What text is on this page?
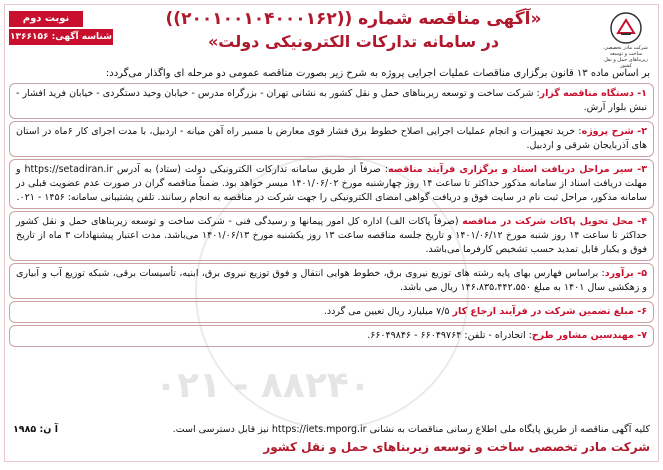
۰۲۱ - ۸۸۲۴۰
شرکت مادر تخصصی ساخت و توسعه زیربناهای حمل و نقل کشور
«آگهی مناقصه شماره ((۲۰۰۱۰۰۱۰۴۰۰۰۱۶۲))
در سامانه تدارکات الکترونیکی دولت»
نوبت دوم
شناسه آگهی: ۱۳۶۶۱۵۶
بر اساس ماده ۱۳ قانون برگزاری مناقصات عملیات اجرایی پروژه به شرح زیر بصورت مناقصه عمومی دو مرحله ای واگذار می‌گردد:
۱- دستگاه مناقصه گزار: شرکت ساخت و توسعه زیربناهای حمل و نقل کشور به نشانی تهران - بزرگراه مدرس - خیابان وحید دستگردی - خیابان فرید افشار - نبش بلوار آرش.
۲- شرح پروژه: خرید تجهیزات و انجام عملیات اجرایی اصلاح خطوط برق فشار قوی معارض با مسیر راه آهن میانه - اردبیل، با مدت اجرای کار ۶ماه در استان های آذربایجان شرقی و اردبیل.
۳- سیر مراحل دریافت اسناد و برگزاری فرآیند مناقصه: صرفاً از طریق سامانه تدارکات الکترونیکی دولت (ستاد) به آدرس https://setadiran.ir و مهلت دریافت اسناد از سامانه مذکور حداکثر تا ساعت ۱۴ روز چهارشنبه مورخ ۱۴۰۱/۰۶/۰۲ میسر خواهد بود. ضمناً مناقصه گران در صورت عدم عضویت قبلی در سامانه مذکور، مراحل ثبت نام در سایت فوق و دریافت گواهی امضای الکترونیکی را جهت شرکت در مناقصه به انجام رسانند. تلفن پشتیبانی سامانه: ۱۴۵۶ - ۰۲۱.
۴- محل تحویل پاکات شرکت در مناقصه (صرفاً پاکات الف) اداره کل امور پیمانها و رسیدگی فنی - شرکت ساخت و توسعه زیربناهای حمل و نقل کشور حداکثر تا ساعت ۱۴ روز شنبه مورخ ۱۴۰۱/۰۶/۱۲ و تاریخ جلسه مناقصه ساعت ۱۳ روز یکشنبه مورخ ۱۴۰۱/۰۶/۱۳ می‌باشد. مدت اعتبار پیشنهادات ۳ ماه از تاریخ فوق و یکبار قابل تمدید حسب تشخیص کارفرما می‌باشد.
۵- برآورد: براساس فهارس بهای پایه رشته های توزیع نیروی برق، خطوط هوایی انتقال و فوق توزیع نیروی برق، ابنیه، تأسیسات برقی، شبکه توزیع آب و آبیاری و زهکشی سال ۱۴۰۱ به مبلغ ۱۴۶،۸۳۵،۴۴۲،۵۵۰ ریال می باشد.
۶- مبلغ تضمین شرکت در فرآیند ارجاع کار ۷/۵ میلیارد ریال تعیین می گردد.
۷- مهندسین مشاور طرح: اتحادراه - تلفن: ۶۶۰۴۹۷۶۴ - ۶۶۰۴۹۸۴۶.
کلیه آگهی مناقصه از طریق پایگاه ملی اطلاع رسانی مناقصات به نشانی https://iets.mporg.ir نیز قابل دسترسی است.
آ ن: ۱۹۸۵
شرکت مادر تخصصی ساخت و توسعه زیربناهای حمل و نقل کشور
